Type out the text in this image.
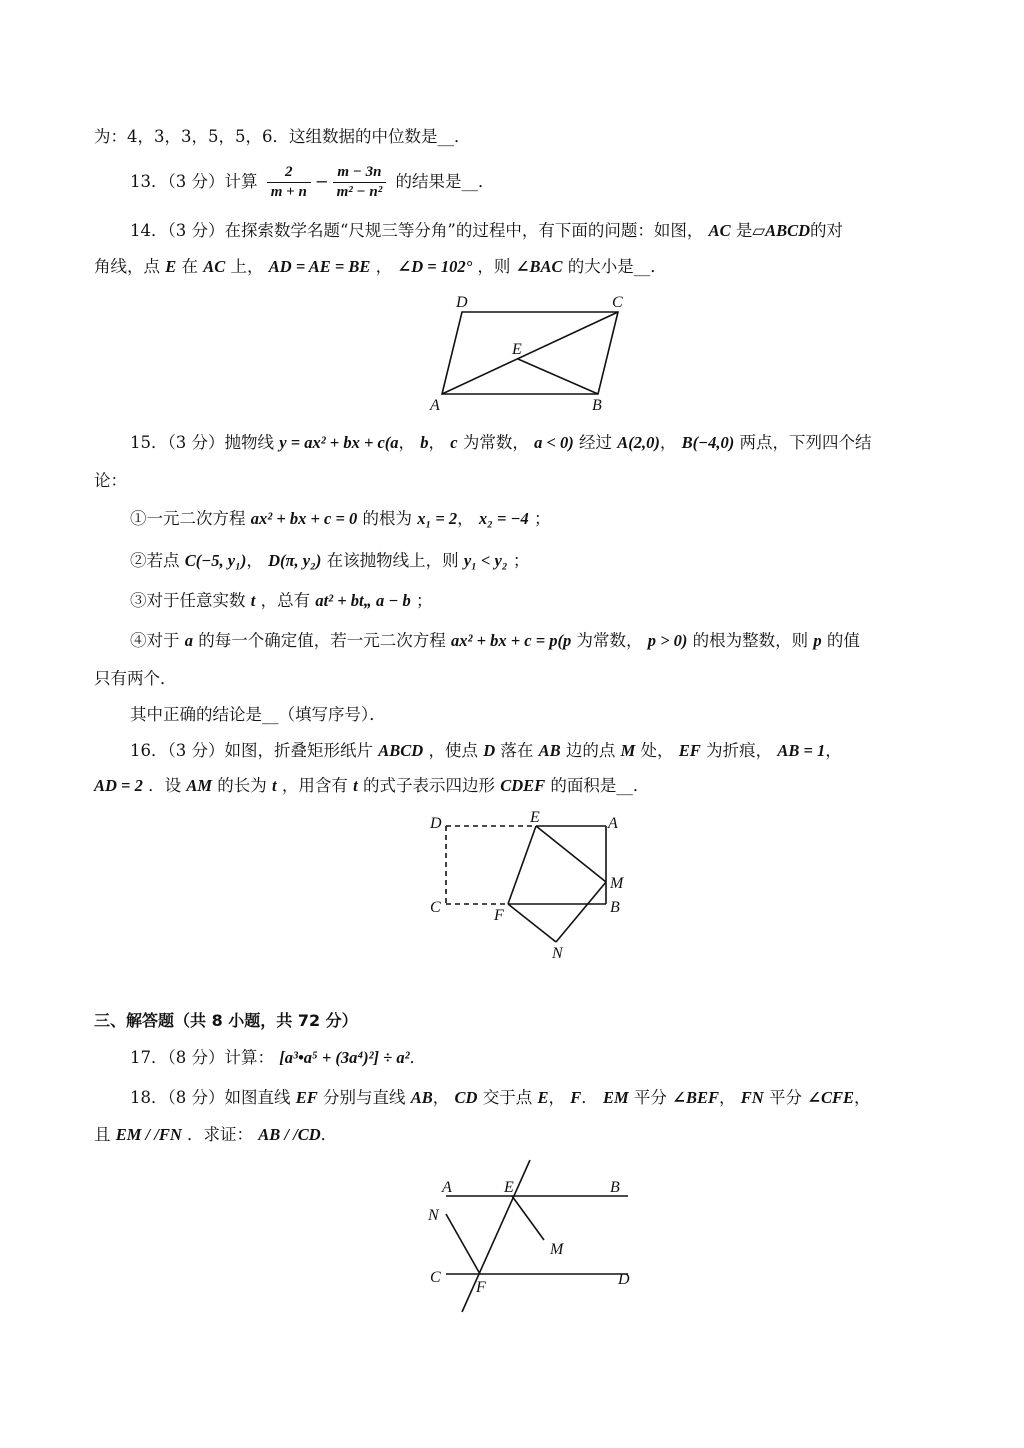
为：4，3，3，5，5，6．这组数据的中位数是__．
13．（3 分）计算 $\frac{2}{m + n} - \frac{m - 3n}{\text{m² − n²}}$ 的结果是__．
14．（3 分）在探索数学名题“尺规三等分角”的过程中，有下面的问题：如图， AC 是▱ABCD的对
角线，点 E 在 AC 上， AD = AE = BE ， ∠D = 102° ，则 ∠BAC 的大小是__．
D	C
E
A	B
15．（3 分）抛物线 y = ax² + bx + c(a， b， c 为常数， a < 0) 经过 A(2,0)， B(−4,0) 两点，下列四个结
论：
①一元二次方程 ax² + bx + c = 0 的根为 x₁ = 2， x₂ = −4 ；
②若点 C(−5, y₁)， D(π, y₂) 在该抛物线上，则 y₁ < y₂ ；
③对于任意实数 t ，总有 at² + bt„ a − b ；
④对于 a 的每一个确定值，若一元二次方程 ax² + bx + c = p(p 为常数， p > 0) 的根为整数，则 p 的值
只有两个．
其中正确的结论是__（填写序号）．
16．（3 分）如图，折叠矩形纸片 ABCD ，使点 D 落在 AB 边的点 M 处， EF 为折痕， AB = 1，
AD = 2 ．设 AM 的长为 t ，用含有 t 的式子表示四边形 CDEF 的面积是__．
D	E	A
M
C	F	B
N
三、解答题（共 8 小题，共 72 分）
17．（8 分）计算： [a³•a⁵ + (3a⁴)²] ÷ a²．
18．（8 分）如图直线 EF 分别与直线 AB， CD 交于点 E， F． EM 平分 ∠BEF， FN 平分 ∠CFE，
且 EM / /FN ．求证： AB / /CD．
A	E	B
N
M
C
F	D
